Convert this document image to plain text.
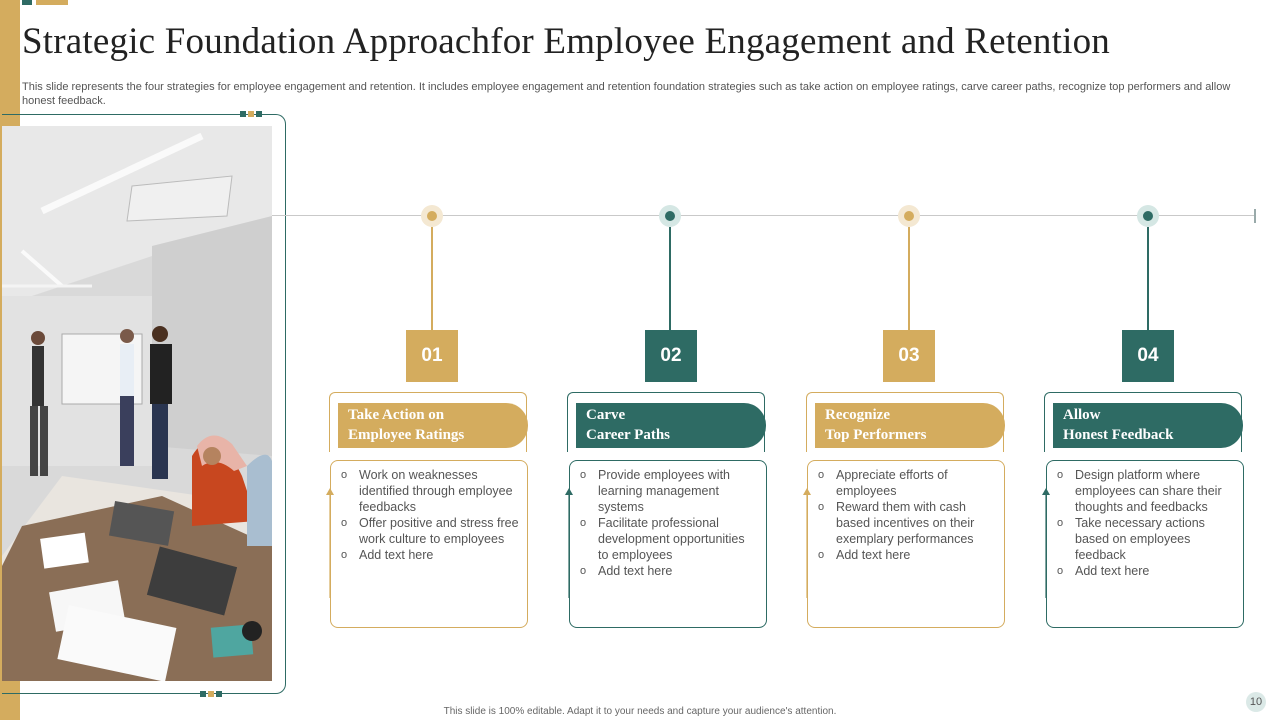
Strategic Foundation Approachfor Employee Engagement and Retention
This slide represents the four strategies for employee engagement and retention. It includes employee engagement and retention foundation strategies such as take action on employee ratings, carve career paths, recognize top performers and allow honest feedback.
01
Take Action on
Employee Ratings
o Work on weaknesses identified through employee feedbacks
o Offer positive and stress free work culture to employees
o Add text here
02
Carve
Career Paths
o Provide employees with learning management systems
o Facilitate professional development opportunities to employees
o Add text here
03
Recognize
Top Performers
o Appreciate efforts of employees
o Reward them with cash based incentives on their exemplary performances
o Add text here
04
Allow
Honest Feedback
o Design platform where employees can share their thoughts and feedbacks
o Take necessary actions based on employees feedback
o Add text here
This slide is 100% editable. Adapt it to your needs and capture your audience's attention.
10
